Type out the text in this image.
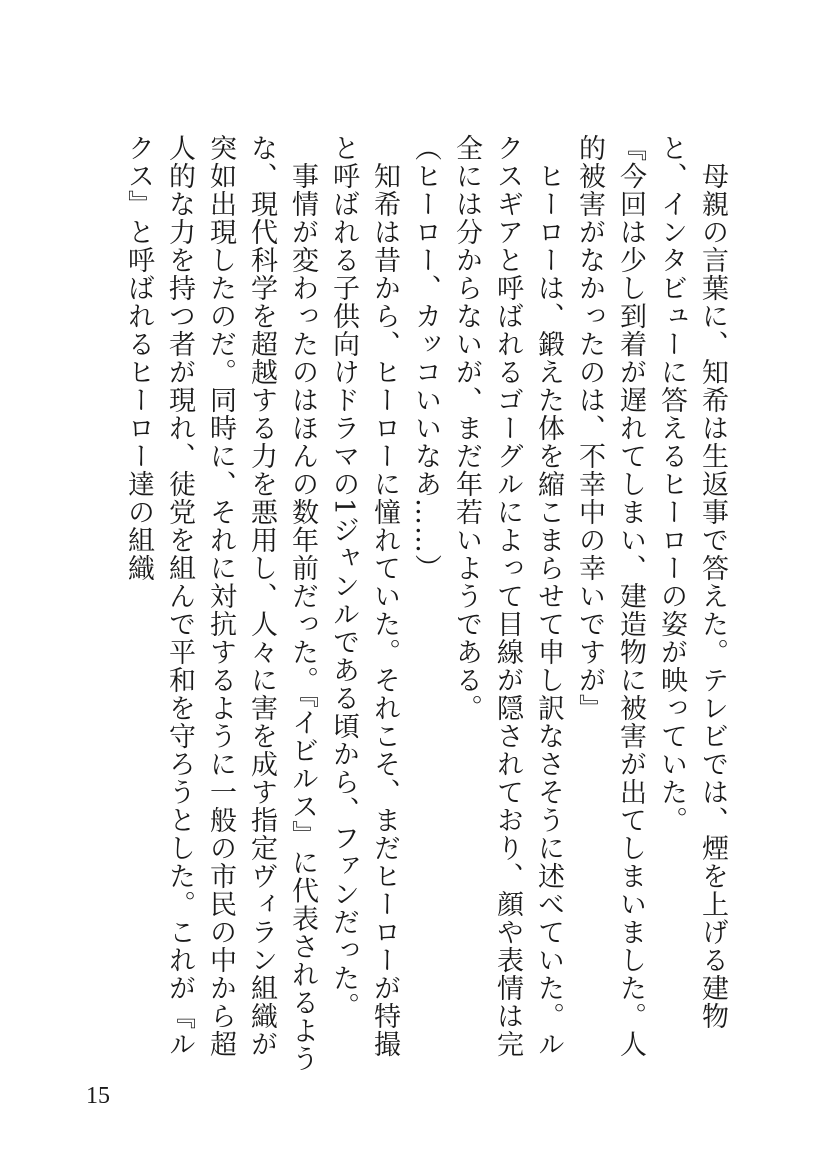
　母親の言葉に、知希は生返事で答えた。テレビでは、煙を上げる建物と、インタビューに答えるヒーローの姿が映っていた。

『今回は少し到着が遅れてしまい、建造物に被害が出てしまいました。人的被害がなかったのは、不幸中の幸いですが』

　ヒーローは、鍛えた体を縮こまらせて申し訳なさそうに述べていた。ルクスギアと呼ばれるゴーグルによって目線が隠されており、顔や表情は完全には分からないが、まだ年若いようである。

（ヒーロー、カッコいいなあ……）

　知希は昔から、ヒーローに憧れていた。それこそ、まだヒーローが特撮と呼ばれる子供向けドラマの1ジャンルである頃から、ファンだった。

　事情が変わったのはほんの数年前だった。『イビルス』に代表されるような、現代科学を超越する力を悪用し、人々に害を成す指定ヴィラン組織が突如出現したのだ。同時に、それに対抗するように一般の市民の中から超人的な力を持つ者が現れ、徒党を組んで平和を守ろうとした。これが『ルクス』と呼ばれるヒーロー達の組織

15
